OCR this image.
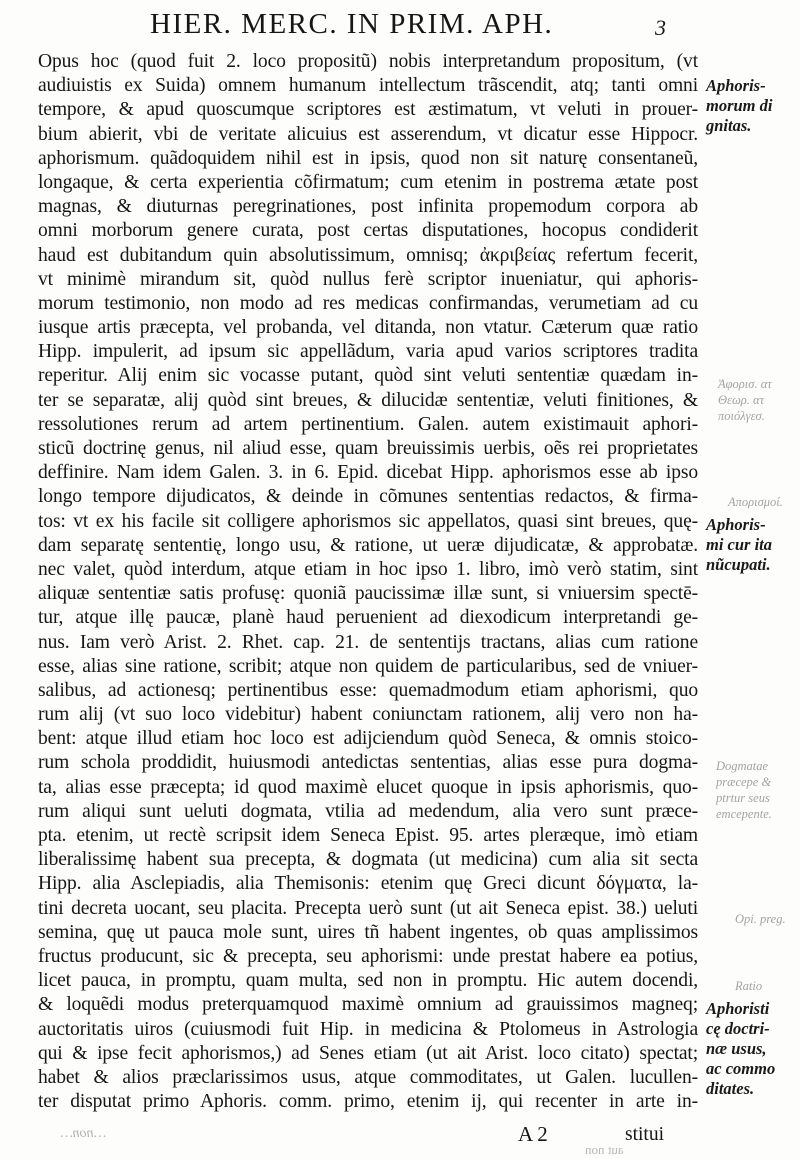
HIER. MERC. IN PRIM. APH.	3
Opus hoc (quod fuit 2. loco propositũ) nobis interpretandum propositum, (vt
audiuistis ex Suida) omnem humanum intellectum trãscendit, atq; tanti omni
tempore, & apud quoscumque scriptores est æstimatum, vt veluti in prouer-
bium abierit, vbi de veritate alicuius est asserendum, vt dicatur esse Hippocr.
aphorismum. quãdoquidem nihil est in ipsis, quod non sit naturę consentaneũ,
longaque, & certa experientia cõfirmatum; cum etenim in postrema ætate post
magnas, & diuturnas peregrinationes, post infinita propemodum corpora ab
omni morborum genere curata, post certas disputationes, hocopus condiderit
haud est dubitandum quin absolutissimum, omnisq; ἀκριβείας refertum fecerit,
vt minimè mirandum sit, quòd nullus ferè scriptor inueniatur, qui aphoris-
morum testimonio, non modo ad res medicas confirmandas, verumetiam ad cu
iusque artis præcepta, vel probanda, vel ditanda, non vtatur. Cæterum quæ ratio
Hipp. impulerit, ad ipsum sic appellãdum, varia apud varios scriptores tradita
reperitur. Alij enim sic vocasse putant, quòd sint veluti sententiæ quædam in-
ter se separatæ, alij quòd sint breues, & dilucidæ sententiæ, veluti finitiones, &
ressolutiones rerum ad artem pertinentium. Galen. autem existimauit aphori-
sticũ doctrinę genus, nil aliud esse, quam breuissimis uerbis, oẽs rei proprietates
deffinire. Nam idem Galen. 3. in 6. Epid. dicebat Hipp. aphorismos esse ab ipso
longo tempore dijudicatos, & deinde in cõmunes sententias redactos, & firma-
tos: vt ex his facile sit colligere aphorismos sic appellatos, quasi sint breues, quę-
dam separatę sententię, longo usu, & ratione, ut ueræ dijudicatæ, & approbatæ.
nec valet, quòd interdum, atque etiam in hoc ipso 1. libro, imò verò statim, sint
aliquæ sententiæ satis profusę: quoniã paucissimæ illæ sunt, si vniuersim spectē-
tur, atque illę paucæ, planè haud peruenient ad diexodicum interpretandi ge-
nus. Iam verò Arist. 2. Rhet. cap. 21. de sententijs tractans, alias cum ratione
esse, alias sine ratione, scribit; atque non quidem de particularibus, sed de vniuer-
salibus, ad actionesq; pertinentibus esse: quemadmodum etiam aphorismi, quo
rum alij (vt suo loco videbitur) habent coniunctam rationem, alij vero non ha-
bent: atque illud etiam hoc loco est adijciendum quòd Seneca, & omnis stoico-
rum schola proddidit, huiusmodi antedictas sententias, alias esse pura dogma-
ta, alias esse præcepta; id quod maximè elucet quoque in ipsis aphorismis, quo-
rum aliqui sunt ueluti dogmata, vtilia ad medendum, alia vero sunt præce-
pta. etenim, ut rectè scripsit idem Seneca Epist. 95. artes pleræque, imò etiam
liberalissimę habent sua precepta, & dogmata (ut medicina) cum alia sit secta
Hipp. alia Asclepiadis, alia Themisonis: etenim quę Greci dicunt δόγματα, la-
tini decreta uocant, seu placita. Precepta uerò sunt (ut ait Seneca epist. 38.) ueluti
semina, quę ut pauca mole sunt, uires tñ habent ingentes, ob quas amplissimos
fructus producunt, sic & precepta, seu aphorismi: unde prestat habere ea potius,
licet pauca, in promptu, quam multa, sed non in promptu. Hic autem docendi,
& loquẽdi modus preterquamquod maximè omnium ad grauissimos magneq;
auctoritatis uiros (cuiusmodi fuit Hip. in medicina & Ptolomeus in Astrologia
qui & ipse fecit aphorismos,) ad Senes etiam (ut ait Arist. loco citato) spectat;
habet & alios præclarissimos usus, atque commoditates, ut Galen. lucullen-
ter disputat primo Aphoris. comm. primo, etenim ij, qui recenter in arte in-
Aphoris-
morum di
gnitas.
Aphoris-
mi cur ita
nũcupati.
Aphoristi
cę doctri-
næ usus,
ac commo
ditates.
Ἀφορισ. ατ
Θεωρ. ατ
ποιόλγεσ.
Απορισμοί.
Dogmatae
præcepe &
ptrtur seus
emcepente.
Opi. preg.
Ratio
…non…
aut non
A 2	stitui
